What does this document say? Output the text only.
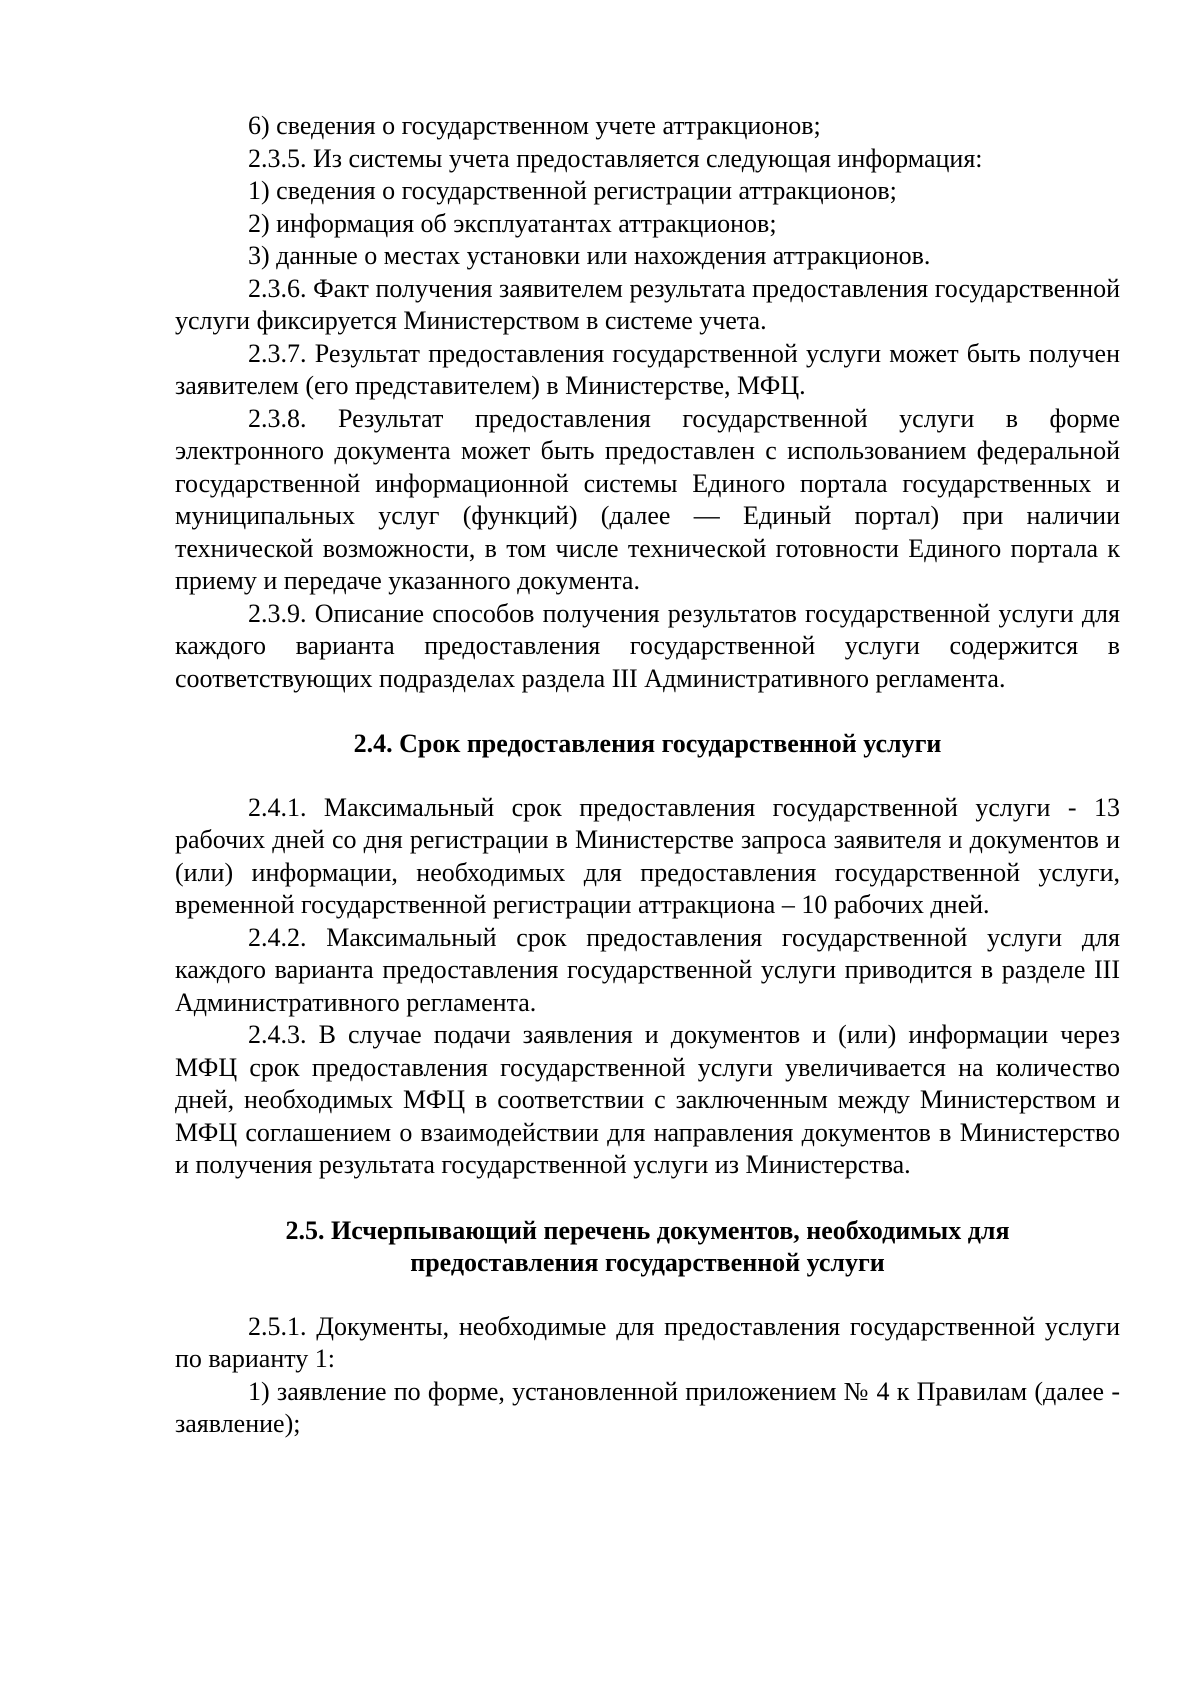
6) сведения о государственном учете аттракционов;

2.3.5. Из системы учета предоставляется следующая информация:

1) сведения о государственной регистрации аттракционов;

2) информация об эксплуатантах аттракционов;

3) данные о местах установки или нахождения аттракционов.

2.3.6. Факт получения заявителем результата предоставления государственной услуги фиксируется Министерством в системе учета.

2.3.7. Результат предоставления государственной услуги может быть получен заявителем (его представителем) в Министерстве, МФЦ.

2.3.8. Результат предоставления государственной услуги в форме электронного документа может быть предоставлен с использованием федеральной государственной информационной системы Единого портала государственных и муниципальных услуг (функций) (далее — Единый портал) при наличии технической возможности, в том числе технической готовности Единого портала к приему и передаче указанного документа.

2.3.9. Описание способов получения результатов государственной услуги для каждого варианта предоставления государственной услуги содержится в соответствующих подразделах раздела III Административного регламента.

2.4. Срок предоставления государственной услуги

2.4.1. Максимальный срок предоставления государственной услуги - 13 рабочих дней со дня регистрации в Министерстве запроса заявителя и документов и (или) информации, необходимых для предоставления государственной услуги, временной государственной регистрации аттракциона – 10 рабочих дней.

2.4.2. Максимальный срок предоставления государственной услуги для каждого варианта предоставления государственной услуги приводится в разделе III Административного регламента.

2.4.3. В случае подачи заявления и документов и (или) информации через МФЦ срок предоставления государственной услуги увеличивается на количество дней, необходимых МФЦ в соответствии с заключенным между Министерством и МФЦ соглашением о взаимодействии для направления документов в Министерство и получения результата государственной услуги из Министерства.

2.5. Исчерпывающий перечень документов, необходимых для
предоставления государственной услуги

2.5.1. Документы, необходимые для предоставления государственной услуги по варианту 1:

1) заявление по форме, установленной приложением № 4 к Правилам (далее - заявление);
